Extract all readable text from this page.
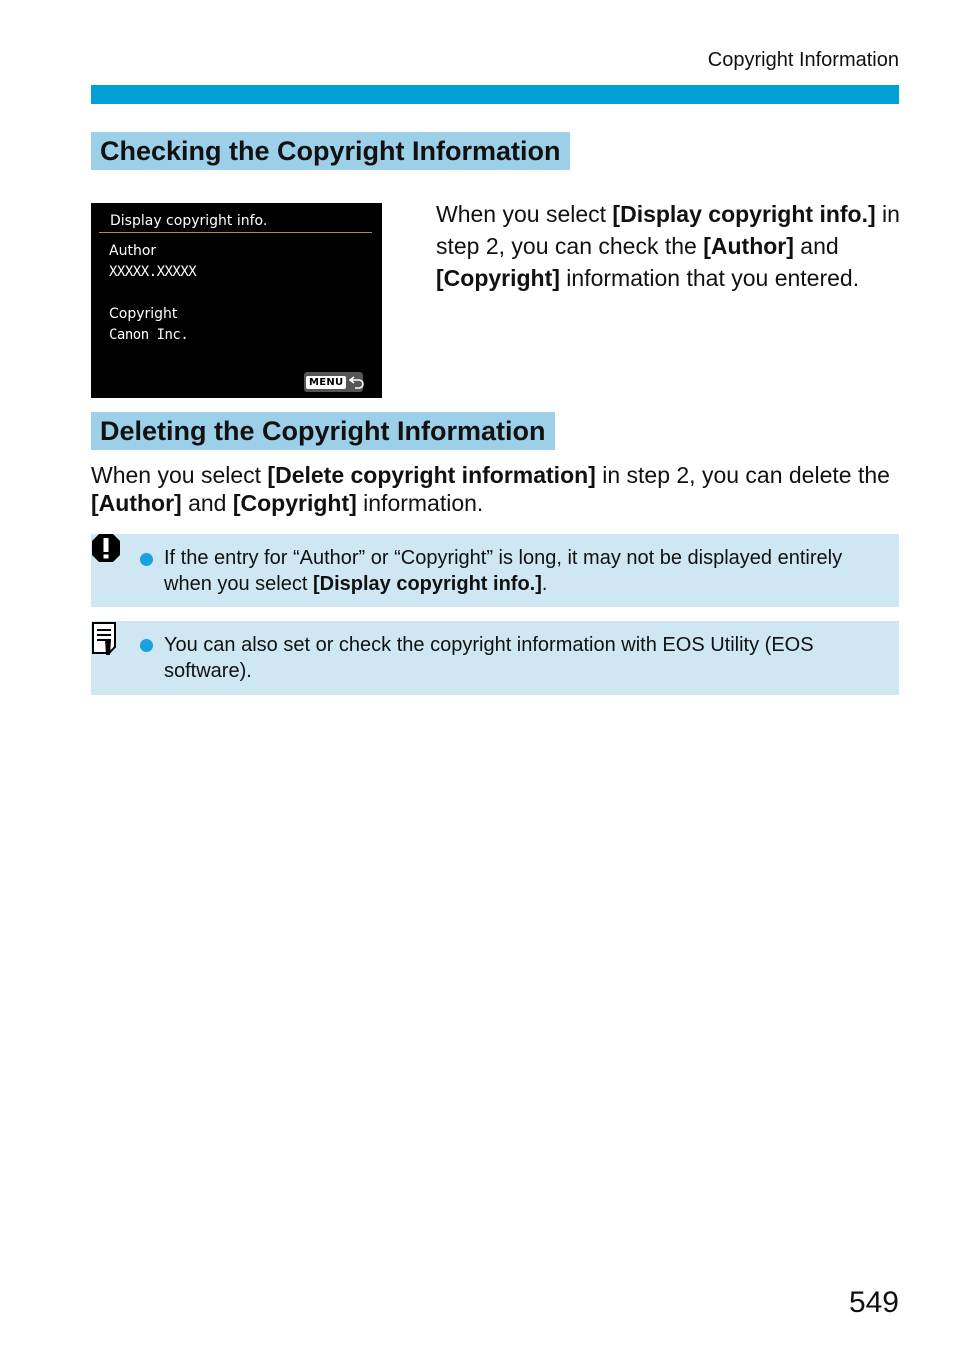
Copyright Information
Checking the Copyright Information
Display copyright info.
Author
XXXXX.XXXXX
Copyright
Canon Inc.
MENU
When you select [Display copyright info.] in step 2, you can check the [Author] and [Copyright] information that you entered.
Deleting the Copyright Information
When you select [Delete copyright information] in step 2, you can delete the [Author] and [Copyright] information.
If the entry for “Author” or “Copyright” is long, it may not be displayed entirely when you select [Display copyright info.].
You can also set or check the copyright information with EOS Utility (EOS software).
549
